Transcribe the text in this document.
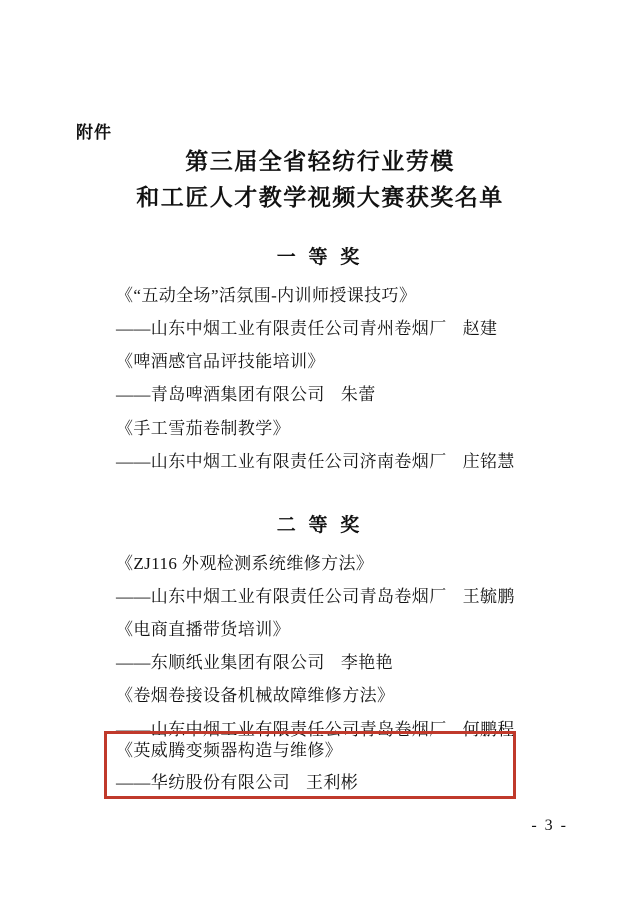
附件
第三届全省轻纺行业劳模
和工匠人才教学视频大赛获奖名单
一 等 奖
《“五动全场”活氛围-内训师授课技巧》
——山东中烟工业有限责任公司青州卷烟厂 赵建
《啤酒感官品评技能培训》
——青岛啤酒集团有限公司 朱蕾
《手工雪茄卷制教学》
——山东中烟工业有限责任公司济南卷烟厂 庄铭慧
二 等 奖
《ZJ116 外观检测系统维修方法》
——山东中烟工业有限责任公司青岛卷烟厂 王毓鹏
《电商直播带货培训》
——东顺纸业集团有限公司 李艳艳
《卷烟卷接设备机械故障维修方法》
——山东中烟工业有限责任公司青岛卷烟厂 何鹏程
《英威腾变频器构造与维修》
——华纺股份有限公司 王利彬
- 3 -
